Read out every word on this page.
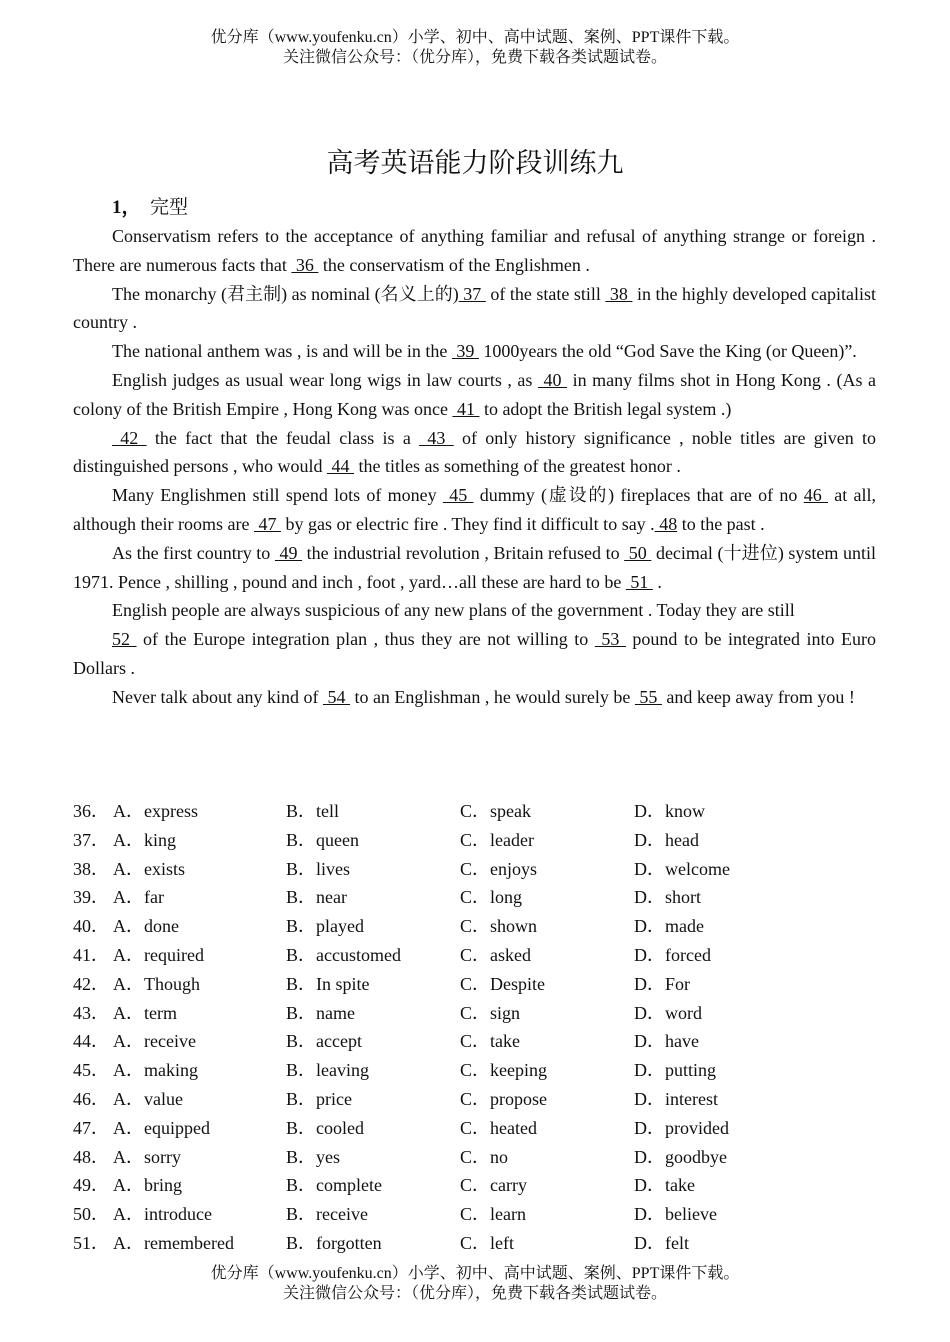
优分库（www.youfenku.cn）小学、初中、高中试题、案例、PPT课件下载。
关注微信公众号：（优分库），免费下载各类试题试卷。
高考英语能力阶段训练九
1， 完型

Conservatism refers to the acceptance of anything familiar and refusal of anything strange or foreign . There are numerous facts that  36  the conservatism of the Englishmen .

The monarchy (君主制) as nominal (名义上的) 37  of the state still  38  in the highly developed capitalist country .

The national anthem was , is and will be in the  39  1000years the old “God Save the King (or Queen)”.

English judges as usual wear long wigs in law courts , as  40  in many films shot in Hong Kong . (As a colony of the British Empire , Hong Kong was once  41  to adopt the British legal system .)

42  the fact that the feudal class is a  43  of only history significance , noble titles are given to distinguished persons , who would  44  the titles as something of the greatest honor .

Many Englishmen still spend lots of money  45  dummy (虚设的) fireplaces that are of no 46  at all, although their rooms are  47  by gas or electric fire . They find it difficult to say . 48 to the past .

As the first country to  49  the industrial revolution , Britain refused to  50  decimal (十进位) system until 1971. Pence , shilling , pound and inch , foot , yard…all these are hard to be  51  .

English people are always suspicious of any new plans of the government . Today they are still

52  of the Europe integration plan , thus they are not willing to  53  pound to be integrated into Euro Dollars .

Never talk about any kind of  54  to an Englishman , he would surely be  55  and keep away from you !

36． A．express	B．tell	C．speak	D．know
37． A．king	B．queen	C．leader	D．head
38． A．exists	B．lives	C．enjoys	D．welcome
39． A．far	B．near	C．long	D．short
40． A．done	B．played	C．shown	D．made
41． A．required	B．accustomed	C．asked	D．forced
42． A．Though	B．In spite	C．Despite	D．For
43． A．term	B．name	C．sign	D．word
44． A．receive	B．accept	C．take	D．have
45． A．making	B．leaving	C．keeping	D．putting
46． A．value	B．price	C．propose	D．interest
47． A．equipped	B．cooled	C．heated	D．provided
48． A．sorry	B．yes	C．no	D．goodbye
49． A．bring	B．complete	C．carry	D．take
50． A．introduce	B．receive	C．learn	D．believe
51． A．remembered	B．forgotten	C．left	D．felt
优分库（www.youfenku.cn）小学、初中、高中试题、案例、PPT课件下载。
关注微信公众号：（优分库），免费下载各类试题试卷。
